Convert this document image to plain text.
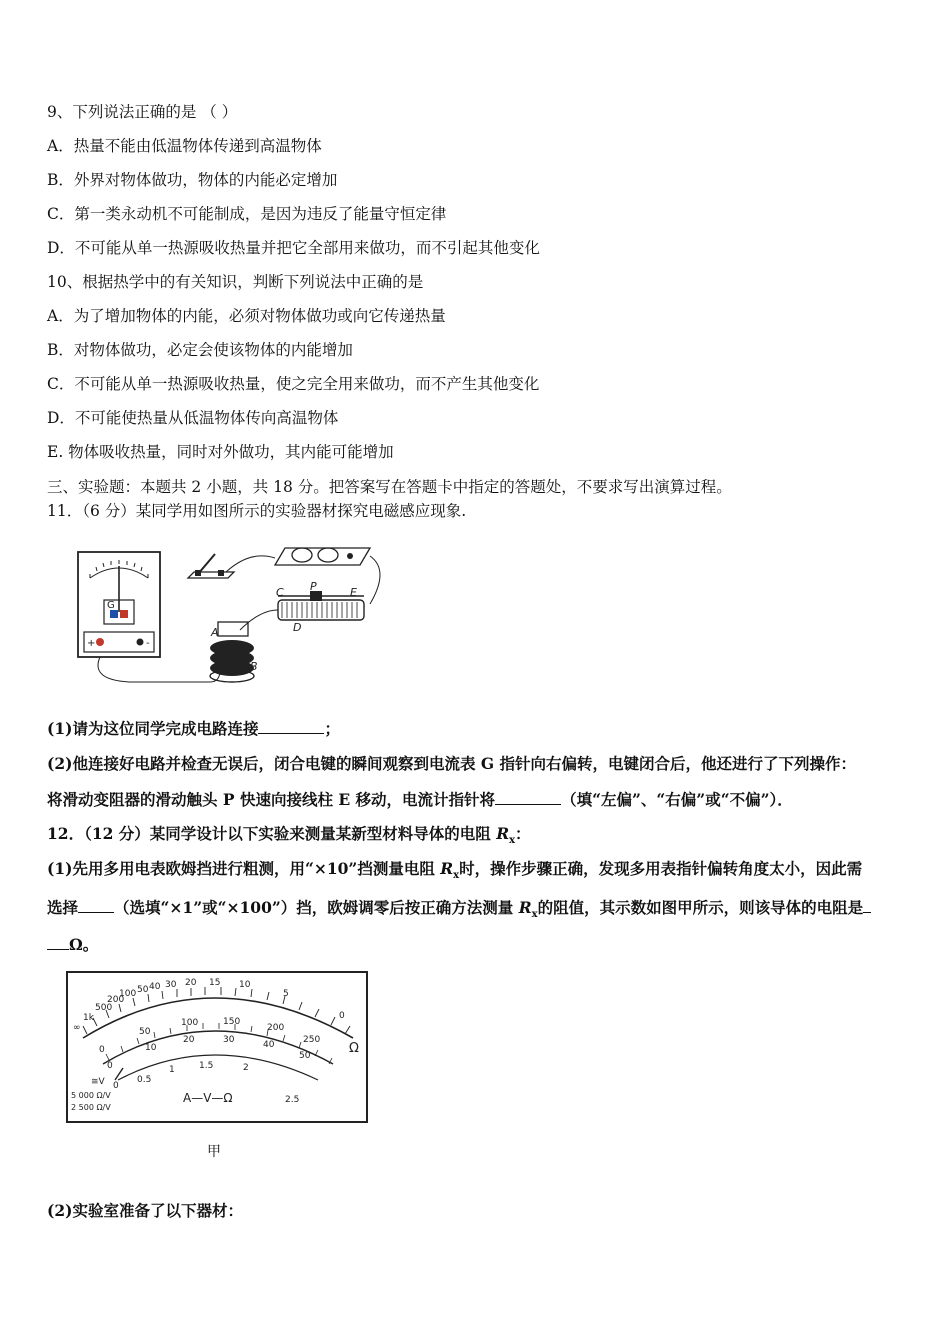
9、下列说法正确的是 （ ）
A．热量不能由低温物体传递到高温物体
B．外界对物体做功，物体的内能必定增加
C．第一类永动机不可能制成，是因为违反了能量守恒定律
D．不可能从单一热源吸收热量并把它全部用来做功，而不引起其他变化
10、根据热学中的有关知识，判断下列说法中正确的是
A．为了增加物体的内能，必须对物体做功或向它传递热量
B．对物体做功，必定会使该物体的内能增加
C．不可能从单一热源吸收热量，使之完全用来做功，而不产生其他变化
D．不可能使热量从低温物体传向高温物体
E. 物体吸收热量，同时对外做功，其内能可能增加
三、实验题：本题共 2 小题，共 18 分。把答案写在答题卡中指定的答题处，不要求写出演算过程。
11．（6 分）某同学用如图所示的实验器材探究电磁感应现象.
G
+	-
C P	E
D
A
B
(1)请为这位同学完成电路连接	；
(2)他连接好电路并检查无误后，闭合电键的瞬间观察到电流表 G 指针向右偏转，电键闭合后，他还进行了下列操作：
将滑动变阻器的滑动触头 P 快速向接线柱 E 移动，电流计指针将	（填“左偏”、“右偏”或“不偏”）．
12．（12 分）某同学设计以下实验来测量某新型材料导体的电阻 $R_x$：
(1)先用多用电表欧姆挡进行粗测，用“×10”挡测量电阻 $R_x$时，操作步骤正确，发现多用表指针偏转角度太小，因此需
选择 （选填“×1”或“×100”）挡，欧姆调零后按正确方法测量 $R_x$的阻值，其示数如图甲所示，则该导体的电阻是
Ω。
∞
1k
500
200
100 50 40 30 20 15 10
5
0
0
50
100	150
200
250
0
10
20	30	40
50
0
0.5
1	1.5	2
2.5
Ω
A—V—Ω
≅V
5 000 Ω/V
2 500 Ω/V
甲
(2)实验室准备了以下器材：
